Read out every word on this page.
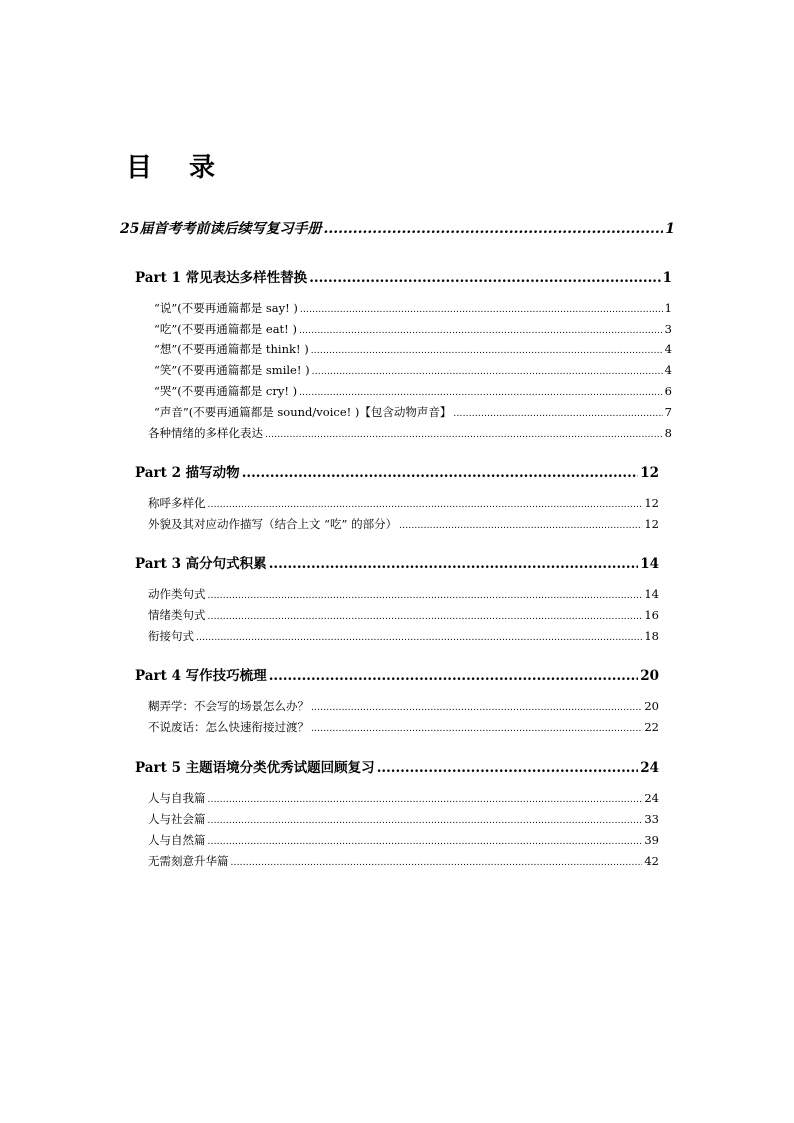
目 录
25届首考考前读后续写复习手册 .....	1
Part 1 常见表达多样性替换 .....	1
“说”(不要再通篇都是 say! ) .....	1
“吃”(不要再通篇都是 eat! ) .....	3
“想”(不要再通篇都是 think! ) .....	4
“笑”(不要再通篇都是 smile! ) .....	4
“哭”(不要再通篇都是 cry! ) .....	6
“声音”(不要再通篇都是 sound/voice! )【包含动物声音】 .....	7
各种情绪的多样化表达 .....	8
Part 2 描写动物 .....	12
称呼多样化 .....	12
外貌及其对应动作描写（结合上文 “吃” 的部分） .....	12
Part 3 高分句式积累 .....	14
动作类句式 .....	14
情绪类句式 .....	16
衔接句式 .....	18
Part 4 写作技巧梳理 .....	20
糊弄学：不会写的场景怎么办？ .....	20
不说废话：怎么快速衔接过渡？ .....	22
Part 5 主题语境分类优秀试题回顾复习 .....	24
人与自我篇 .....	24
人与社会篇 .....	33
人与自然篇 .....	39
无需刻意升华篇 .....	42
